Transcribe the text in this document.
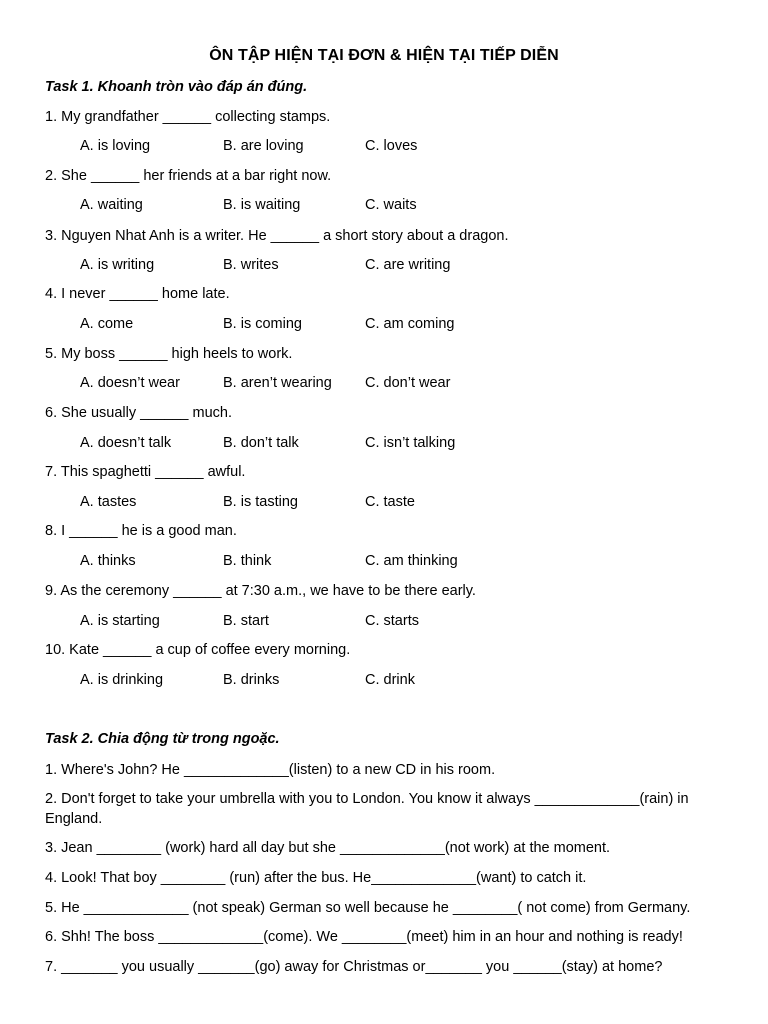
ÔN TẬP HIỆN TẠI ĐƠN & HIỆN TẠI TIẾP DIỄN
Task 1. Khoanh tròn vào đáp án đúng.
1. My grandfather ______ collecting stamps.
A. is loving	B. are loving	C. loves
2. She ______ her friends at a bar right now.
A. waiting	B. is waiting	C. waits
3. Nguyen Nhat Anh is a writer. He ______ a short story about a dragon.
A. is writing	B. writes	C. are writing
4. I never ______ home late.
A. come	B. is coming	C. am coming
5. My boss ______ high heels to work.
A. doesn’t wear	B. aren’t wearing C. don’t wear
6. She usually ______ much.
A. doesn’t talk	B. don’t talk	C. isn’t talking
7. This spaghetti ______ awful.
A. tastes	B. is tasting	C. taste
8. I ______ he is a good man.
A. thinks	B. think	C. am thinking
9. As the ceremony ______ at 7:30 a.m., we have to be there early.
A. is starting	B. start	C. starts
10. Kate ______ a cup of coffee every morning.
A. is drinking	B. drinks	C. drink
Task 2. Chia động từ trong ngoặc.
1. Where's John? He _____________(listen) to a new CD in his room.
2. Don't forget to take your umbrella with you to London. You know it always _____________(rain) in England.
3. Jean ________ (work) hard all day but she _____________(not work) at the moment.
4. Look! That boy ________ (run) after the bus. He_____________(want) to catch it.
5. He _____________ (not speak) German so well because he ________( not come) from Germany.
6. Shh! The boss _____________(come). We ________(meet) him in an hour and nothing is ready!
7. _______ you usually _______(go) away for Christmas or_______ you ______(stay) at home?
